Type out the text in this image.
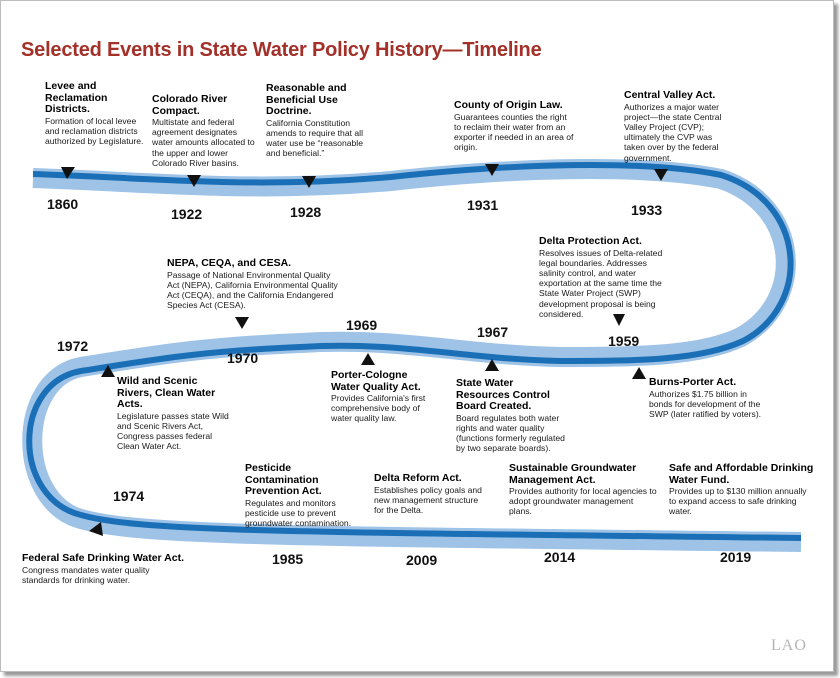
Selected Events in State Water Policy History—Timeline
1860
1922	1928	1931	1933
1959
1967
1969
1970
1972
1974
1985	2009	2014	2019
Levee and Reclamation Districts.
Formation of local levee and reclamation districts authorized by Legislature.
Colorado River Compact.
Multistate and federal agreement designates water amounts allocated to the upper and lower Colorado River basins.
Reasonable and Beneficial Use Doctrine.
California Constitution amends to require that all water use be “reasonable and beneficial.”
County of Origin Law.
Guarantees counties the right to reclaim their water from an exporter if needed in an area of origin.
Central Valley Act.
Authorizes a major water project—the state Central Valley Project (CVP); ultimately the CVP was taken over by the federal government.
Delta Protection Act.
Resolves issues of Delta-related legal boundaries. Addresses salinity control, and water exportation at the same time the State Water Project (SWP) development proposal is being considered.
Burns-Porter Act.
Authorizes $1.75 billion in bonds for development of the SWP (later ratified by voters).
State Water Resources Control Board Created.
Board regulates both water rights and water quality (functions formerly regulated by two separate boards).
Porter-Cologne Water Quality Act.
Provides California's first comprehensive body of water quality law.
NEPA, CEQA, and CESA.
Passage of National Environmental Quality Act (NEPA), California Environmental Quality Act (CEQA), and the California Endangered Species Act (CESA).
Wild and Scenic Rivers, Clean Water Acts.
Legislature passes state Wild and Scenic Rivers Act, Congress passes federal Clean Water Act.
Federal Safe Drinking Water Act.
Congress mandates water quality standards for drinking water.
Pesticide Contamination Prevention Act.
Regulates and monitors pesticide use to prevent groundwater contamination.
Delta Reform Act.
Establishes policy goals and new management structure for the Delta.
Sustainable Groundwater Management Act.
Provides authority for local agencies to adopt groundwater management plans.
Safe and Affordable Drinking Water Fund.
Provides up to $130 million annually to expand access to safe drinking water.
LAO
